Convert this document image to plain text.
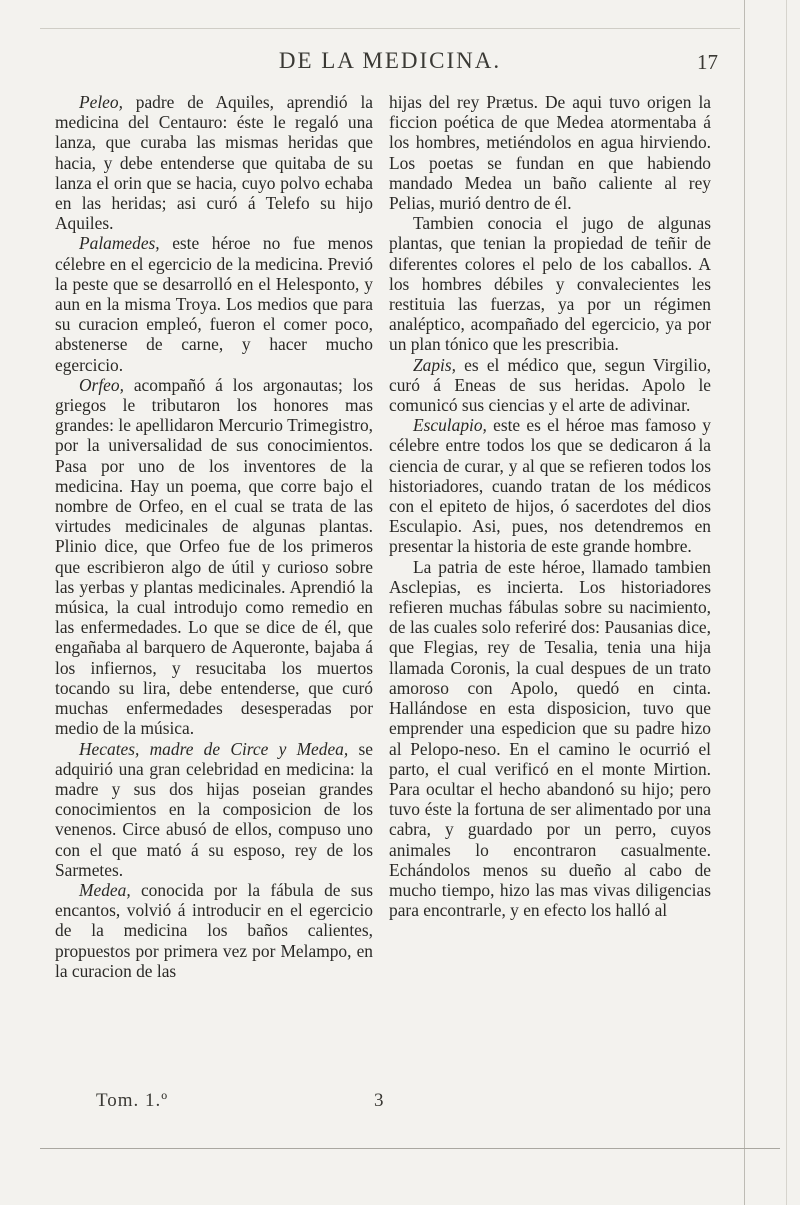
DE LA MEDICINA.	17

Peleo, padre de Aquiles, aprendió la medicina del Centauro: éste le regaló una lanza, que curaba las mismas heridas que hacia, y debe entenderse que quitaba de su lanza el orin que se hacia, cuyo polvo echaba en las heridas; asi curó á Telefo su hijo Aquiles.

Palamedes, este héroe no fue menos célebre en el egercicio de la medicina. Previó la peste que se desarrolló en el Helesponto, y aun en la misma Troya. Los medios que para su curacion empleó, fueron el comer poco, abstenerse de carne, y hacer mucho egercicio.

Orfeo, acompañó á los argonautas; los griegos le tributaron los honores mas grandes: le apellidaron Mercurio Trimegistro, por la universalidad de sus conocimientos. Pasa por uno de los inventores de la medicina. Hay un poema, que corre bajo el nombre de Orfeo, en el cual se trata de las virtudes medicinales de algunas plantas. Plinio dice, que Orfeo fue de los primeros que escribieron algo de útil y curioso sobre las yerbas y plantas medicinales. Aprendió la música, la cual introdujo como remedio en las enfermedades. Lo que se dice de él, que engañaba al barquero de Aqueronte, bajaba á los infiernos, y resucitaba los muertos tocando su lira, debe entenderse, que curó muchas enfermedades desesperadas por medio de la música.

Hecates, madre de Circe y Medea, se adquirió una gran celebridad en medicina: la madre y sus dos hijas poseian grandes conocimientos en la composicion de los venenos. Circe abusó de ellos, compuso uno con el que mató á su esposo, rey de los Sarmetes.

Medea, conocida por la fábula de sus encantos, volvió á introducir en el egercicio de la medicina los baños calientes, propuestos por primera vez por Melampo, en la curacion de las

hijas del rey Prætus. De aqui tuvo origen la ficcion poética de que Medea atormentaba á los hombres, metiéndolos en agua hirviendo. Los poetas se fundan en que habiendo mandado Medea un baño caliente al rey Pelias, murió dentro de él.

Tambien conocia el jugo de algunas plantas, que tenian la propiedad de teñir de diferentes colores el pelo de los caballos. A los hombres débiles y convalecientes les restituia las fuerzas, ya por un régimen analéptico, acompañado del egercicio, ya por un plan tónico que les prescribia.

Zapis, es el médico que, segun Virgilio, curó á Eneas de sus heridas. Apolo le comunicó sus ciencias y el arte de adivinar.

Esculapio, este es el héroe mas famoso y célebre entre todos los que se dedicaron á la ciencia de curar, y al que se refieren todos los historiadores, cuando tratan de los médicos con el epiteto de hijos, ó sacerdotes del dios Esculapio. Asi, pues, nos detendremos en presentar la historia de este grande hombre.

La patria de este héroe, llamado tambien Asclepias, es incierta. Los historiadores refieren muchas fábulas sobre su nacimiento, de las cuales solo referiré dos: Pausanias dice, que Flegias, rey de Tesalia, tenia una hija llamada Coronis, la cual despues de un trato amoroso con Apolo, quedó en cinta. Hallándose en esta disposicion, tuvo que emprender una espedicion que su padre hizo al Pelopo-neso. En el camino le ocurrió el parto, el cual verificó en el monte Mirtion. Para ocultar el hecho abandonó su hijo; pero tuvo éste la fortuna de ser alimentado por una cabra, y guardado por un perro, cuyos animales lo encontraron casualmente. Echándolos menos su dueño al cabo de mucho tiempo, hizo las mas vivas diligencias para encontrarle, y en efecto los halló al

Tom. 1.º	3
